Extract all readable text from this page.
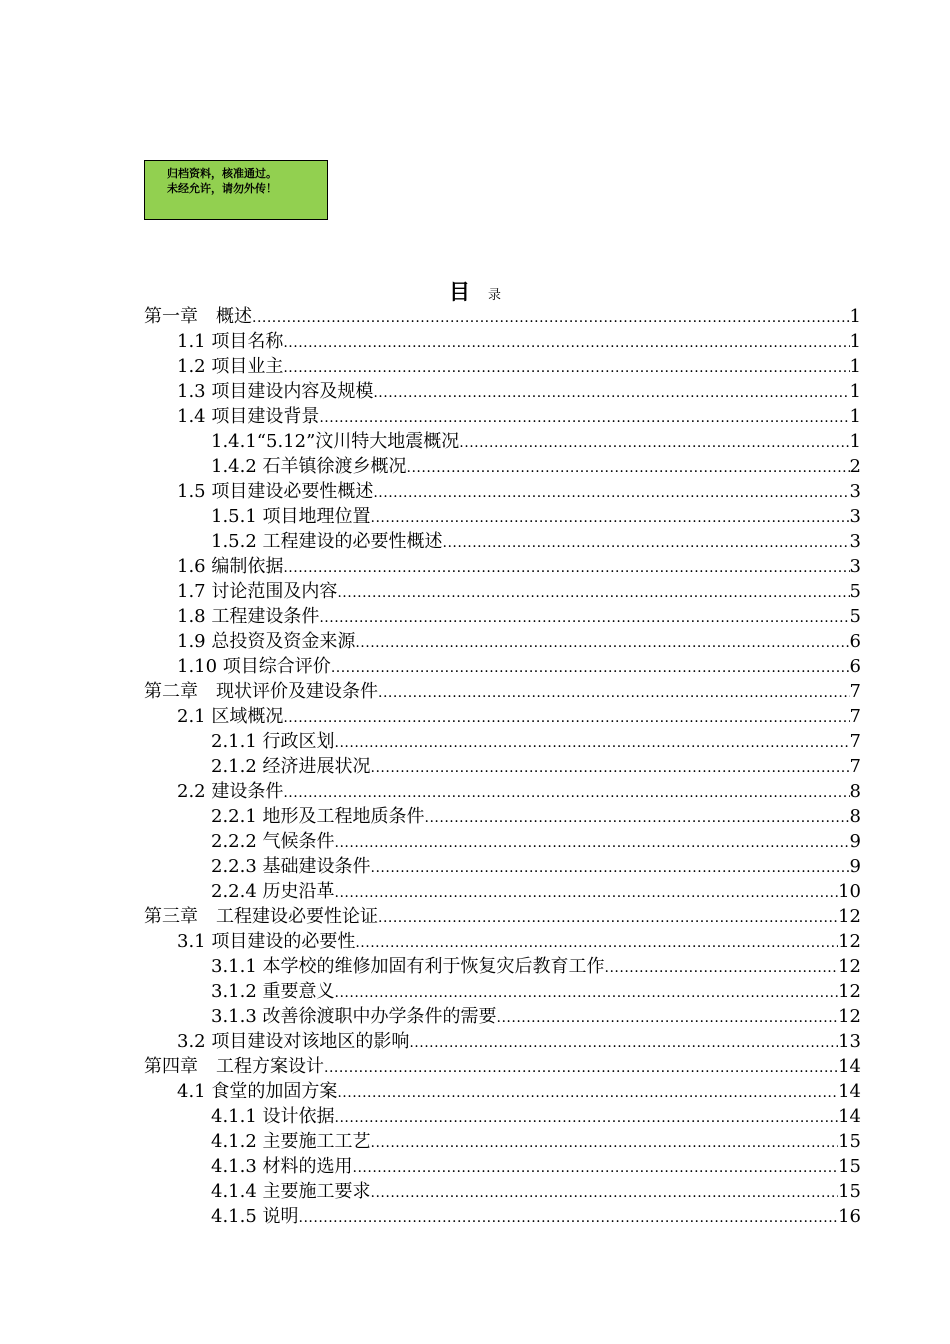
归档资料，核准通过。
未经允许，请勿外传！
目 录
第一章　概述 .....	1
1.1 项目名称 .....	1
1.2 项目业主 .....	1
1.3 项目建设内容及规模 .....	1
1.4 项目建设背景 .....	1
1.4.1“5.12”汶川特大地震概况 .....	1
1.4.2 石羊镇徐渡乡概况 .....	2
1.5 项目建设必要性概述 .....	3
1.5.1 项目地理位置 .....	3
1.5.2 工程建设的必要性概述 .....	3
1.6 编制依据 .....	3
1.7 讨论范围及内容 .....	5
1.8 工程建设条件 .....	5
1.9 总投资及资金来源 .....	6
1.10 项目综合评价 .....	6
第二章　现状评价及建设条件 .....	7
2.1 区域概况 .....	7
2.1.1 行政区划 .....	7
2.1.2 经济进展状况 .....	7
2.2 建设条件 .....	8
2.2.1 地形及工程地质条件 .....	8
2.2.2 气候条件 .....	9
2.2.3 基础建设条件 .....	9
2.2.4 历史沿革 .....	10
第三章　工程建设必要性论证 .....	12
3.1 项目建设的必要性 .....	12
3.1.1 本学校的维修加固有利于恢复灾后教育工作 .....	12
3.1.2 重要意义 .....	12
3.1.3 改善徐渡职中办学条件的需要 .....	12
3.2 项目建设对该地区的影响 .....	13
第四章　工程方案设计 .....	14
4.1 食堂的加固方案 .....	14
4.1.1 设计依据 .....	14
4.1.2 主要施工工艺 .....	15
4.1.3 材料的选用 .....	15
4.1.4 主要施工要求 .....	15
4.1.5 说明 .....	16
